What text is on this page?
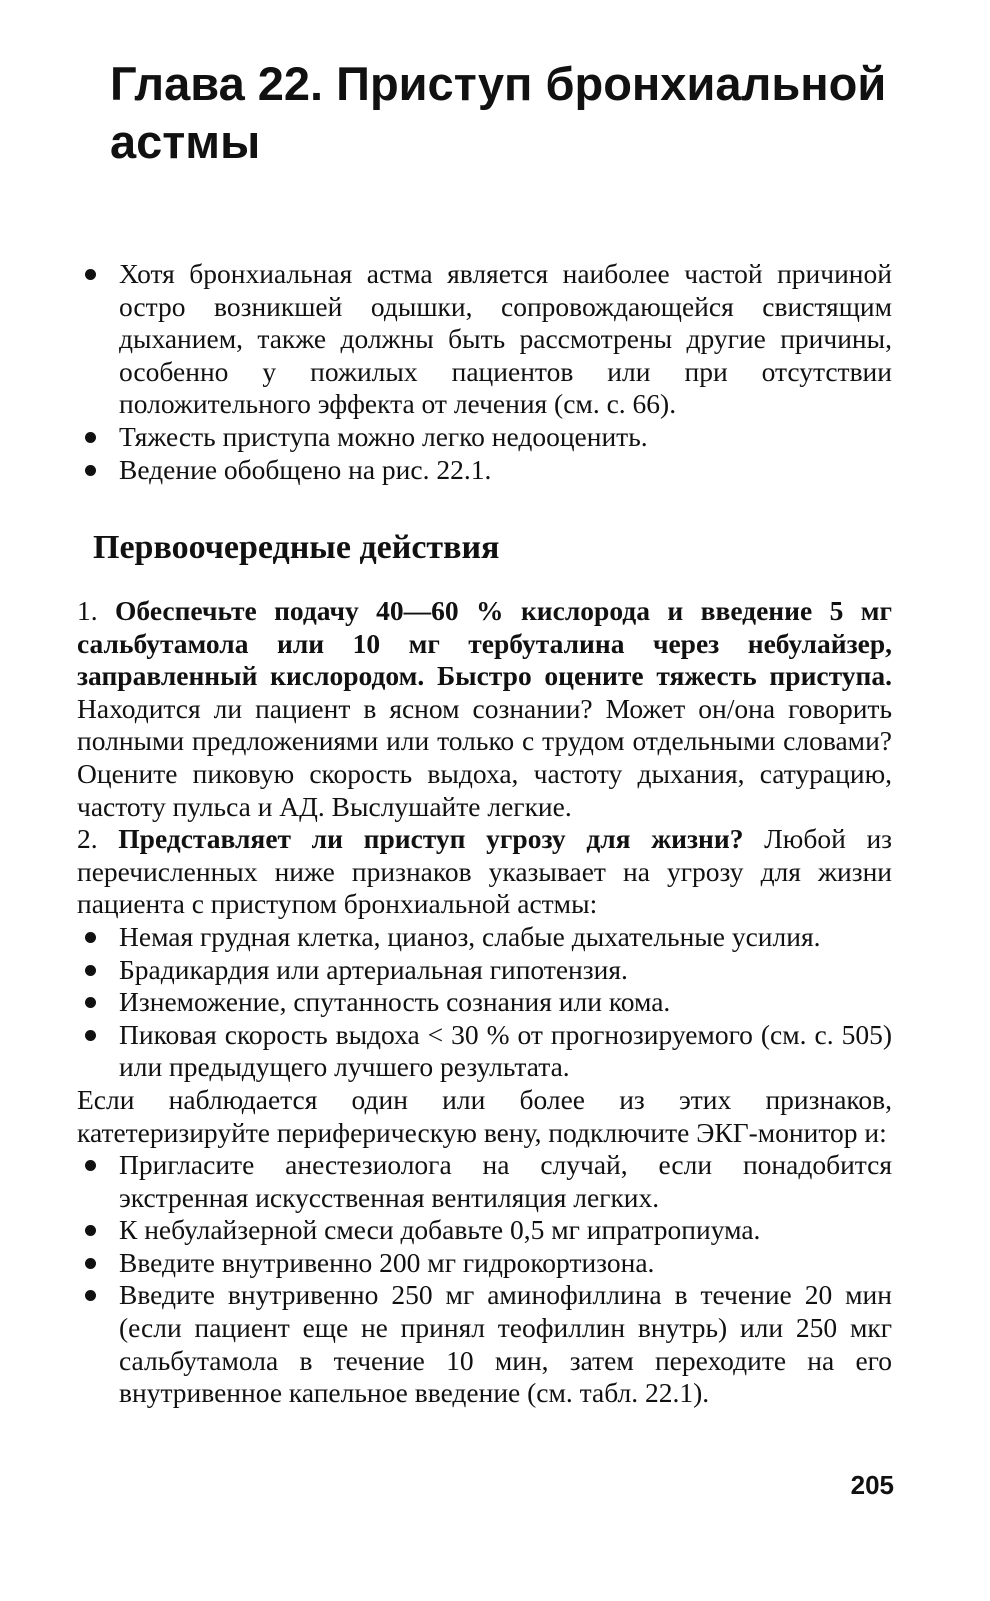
Глава 22. Приступ бронхиальной астмы
Хотя бронхиальная астма является наиболее частой причиной остро возникшей одышки, сопровождающейся свистящим дыханием, также должны быть рассмотрены другие причины, особенно у пожилых пациентов или при отсутствии положительного эффекта от лечения (см. с. 66).
Тяжесть приступа можно легко недооценить.
Ведение обобщено на рис. 22.1.
Первоочередные действия

1. Обеспечьте подачу 40—60 % кислорода и введение 5 мг сальбутамола или 10 мг тербуталина через небулайзер, заправленный кислородом. Быстро оцените тяжесть приступа. Находится ли пациент в ясном сознании? Может он/она говорить полными предложениями или только с трудом отдельными словами? Оцените пиковую скорость выдоха, частоту дыхания, сатурацию, частоту пульса и АД. Выслушайте легкие.

2. Представляет ли приступ угрозу для жизни? Любой из перечисленных ниже признаков указывает на угрозу для жизни пациента с приступом бронхиальной астмы:

Немая грудная клетка, цианоз, слабые дыхательные усилия.
Брадикардия или артериальная гипотензия.
Изнеможение, спутанность сознания или кома.
Пиковая скорость выдоха < 30 % от прогнозируемого (см. с. 505) или предыдущего лучшего результата.

Если наблюдается один или более из этих признаков, катетеризируйте периферическую вену, подключите ЭКГ-монитор и:

Пригласите анестезиолога на случай, если понадобится экстренная искусственная вентиляция легких.
К небулайзерной смеси добавьте 0,5 мг ипратропиума.
Введите внутривенно 200 мг гидрокортизона.
Введите внутривенно 250 мг аминофиллина в течение 20 мин (если пациент еще не принял теофиллин внутрь) или 250 мкг сальбутамола в течение 10 мин, затем переходите на его внутривенное капельное введение (см. табл. 22.1).
205
